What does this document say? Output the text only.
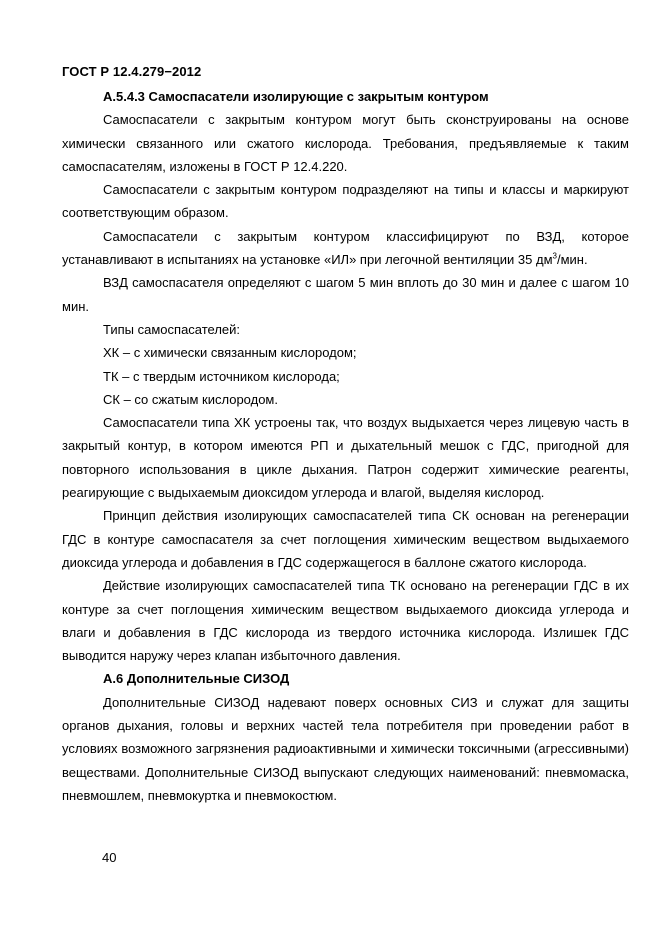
ГОСТ Р 12.4.279−2012

А.5.4.3 Самоспасатели изолирующие с закрытым контуром

Самоспасатели с закрытым контуром могут быть сконструированы на основе химически связанного или сжатого кислорода. Требования, предъявляемые к таким самоспасателям, изложены в ГОСТ Р 12.4.220.

Самоспасатели с закрытым контуром подразделяют на типы и классы и маркируют соответствующим образом.

Самоспасатели с закрытым контуром классифицируют по ВЗД, которое устанавливают в испытаниях на установке «ИЛ» при легочной вентиляции 35 $дм^3$/мин.

ВЗД самоспасателя определяют с шагом 5 мин вплоть до 30 мин и далее с шагом 10 мин.

Типы самоспасателей:

ХК – с химически связанным кислородом;

ТК – с твердым источником кислорода;

СК – со сжатым кислородом.

Самоспасатели типа ХК устроены так, что воздух выдыхается через лицевую часть в закрытый контур, в котором имеются РП и дыхательный мешок с ГДС, пригодной для повторного использования в цикле дыхания. Патрон содержит химические реагенты, реагирующие с выдыхаемым диоксидом углерода и влагой, выделяя кислород.

Принцип действия изолирующих самоспасателей типа СК основан на регенерации ГДС в контуре самоспасателя за счет поглощения химическим веществом выдыхаемого диоксида углерода и добавления в ГДС содержащегося в баллоне сжатого кислорода.

Действие изолирующих самоспасателей типа ТК основано на регенерации ГДС в их контуре за счет поглощения химическим веществом выдыхаемого диоксида углерода и влаги и добавления в ГДС кислорода из твердого источника кислорода. Излишек ГДС выводится наружу через клапан избыточного давления.

А.6 Дополнительные СИЗОД

Дополнительные СИЗОД надевают поверх основных СИЗ и служат для защиты органов дыхания, головы и верхних частей тела потребителя при проведении работ в условиях возможного загрязнения радиоактивными и химически токсичными (агрессивными) веществами. Дополнительные СИЗОД выпускают следующих наименований: пневмомаска, пневмошлем, пневмокуртка и пневмокостюм.

40
